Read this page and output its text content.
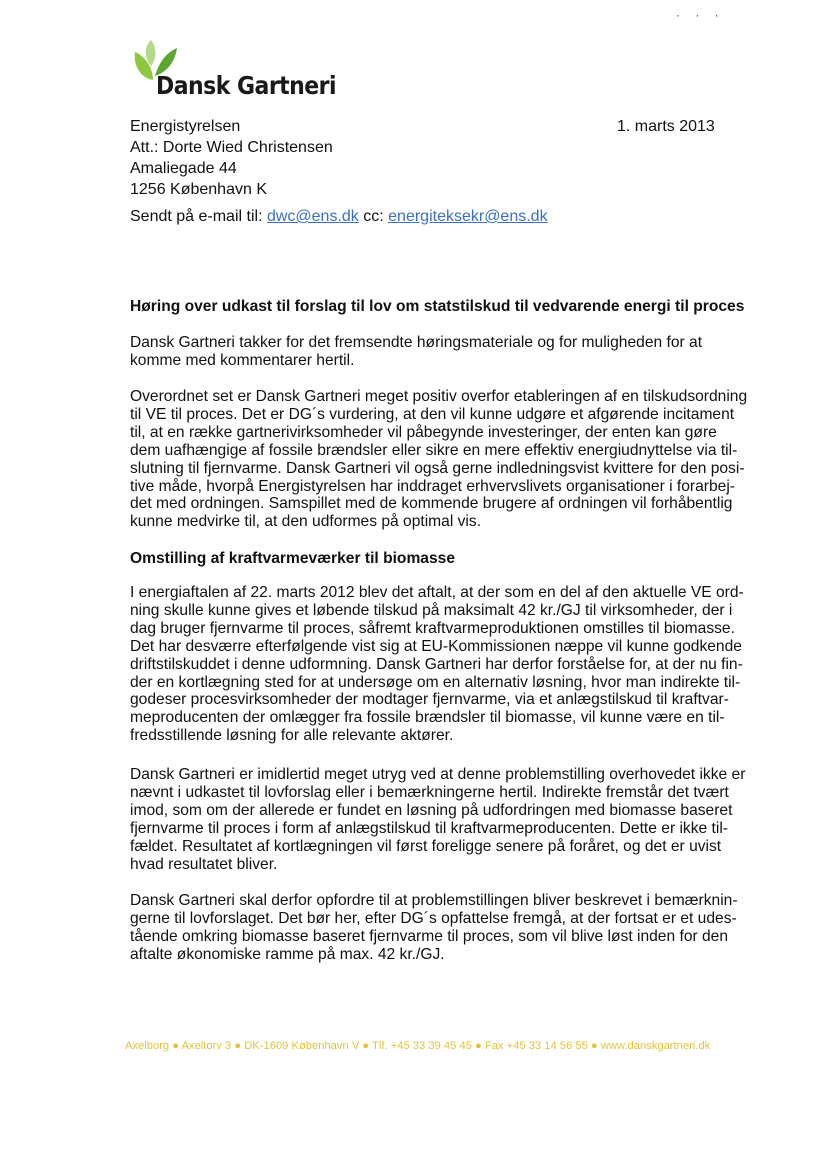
Dansk Gartneri
· · ·
Energistyrelsen
Att.: Dorte Wied Christensen
Amaliegade 44
1256 København K
1. marts 2013
Sendt på e-mail til: dwc@ens.dk cc: energiteksekr@ens.dk
Høring over udkast til forslag til lov om statstilskud til vedvarende energi til proces
Dansk Gartneri takker for det fremsendte høringsmateriale og for muligheden for at
komme med kommentarer hertil.
Overordnet set er Dansk Gartneri meget positiv overfor etableringen af en tilskudsordning
til VE til proces. Det er DG´s vurdering, at den vil kunne udgøre et afgørende incitament
til, at en række gartnerivirksomheder vil påbegynde investeringer, der enten kan gøre
dem uafhængige af fossile brændsler eller sikre en mere effektiv energiudnyttelse via til-
slutning til fjernvarme. Dansk Gartneri vil også gerne indledningsvist kvittere for den posi-
tive måde, hvorpå Energistyrelsen har inddraget erhvervslivets organisationer i forarbej-
det med ordningen. Samspillet med de kommende brugere af ordningen vil forhåbentlig
kunne medvirke til, at den udformes på optimal vis.
Omstilling af kraftvarmeværker til biomasse
I energiaftalen af 22. marts 2012 blev det aftalt, at der som en del af den aktuelle VE ord-
ning skulle kunne gives et løbende tilskud på maksimalt 42 kr./GJ til virksomheder, der i
dag bruger fjernvarme til proces, såfremt kraftvarmeproduktionen omstilles til biomasse.
Det har desværre efterfølgende vist sig at EU-Kommissionen næppe vil kunne godkende
driftstilskuddet i denne udformning. Dansk Gartneri har derfor forståelse for, at der nu fin-
der en kortlægning sted for at undersøge om en alternativ løsning, hvor man indirekte til-
godeser procesvirksomheder der modtager fjernvarme, via et anlægstilskud til kraftvar-
meproducenten der omlægger fra fossile brændsler til biomasse, vil kunne være en til-
fredsstillende løsning for alle relevante aktører.
Dansk Gartneri er imidlertid meget utryg ved at denne problemstilling overhovedet ikke er
nævnt i udkastet til lovforslag eller i bemærkningerne hertil. Indirekte fremstår det tvært
imod, som om der allerede er fundet en løsning på udfordringen med biomasse baseret
fjernvarme til proces i form af anlægstilskud til kraftvarmeproducenten. Dette er ikke til-
fældet. Resultatet af kortlægningen vil først foreligge senere på foråret, og det er uvist
hvad resultatet bliver.
Dansk Gartneri skal derfor opfordre til at problemstillingen bliver beskrevet i bemærknin-
gerne til lovforslaget. Det bør her, efter DG´s opfattelse fremgå, at der fortsat er et udes-
tående omkring biomasse baseret fjernvarme til proces, som vil blive løst inden for den
aftalte økonomiske ramme på max. 42 kr./GJ.
Axelborg ● Axeltorv 3 ● DK-1609 København V ● Tlf. +45 33 39 45 45 ● Fax +45 33 14 56 55 ● www.danskgartneri.dk
